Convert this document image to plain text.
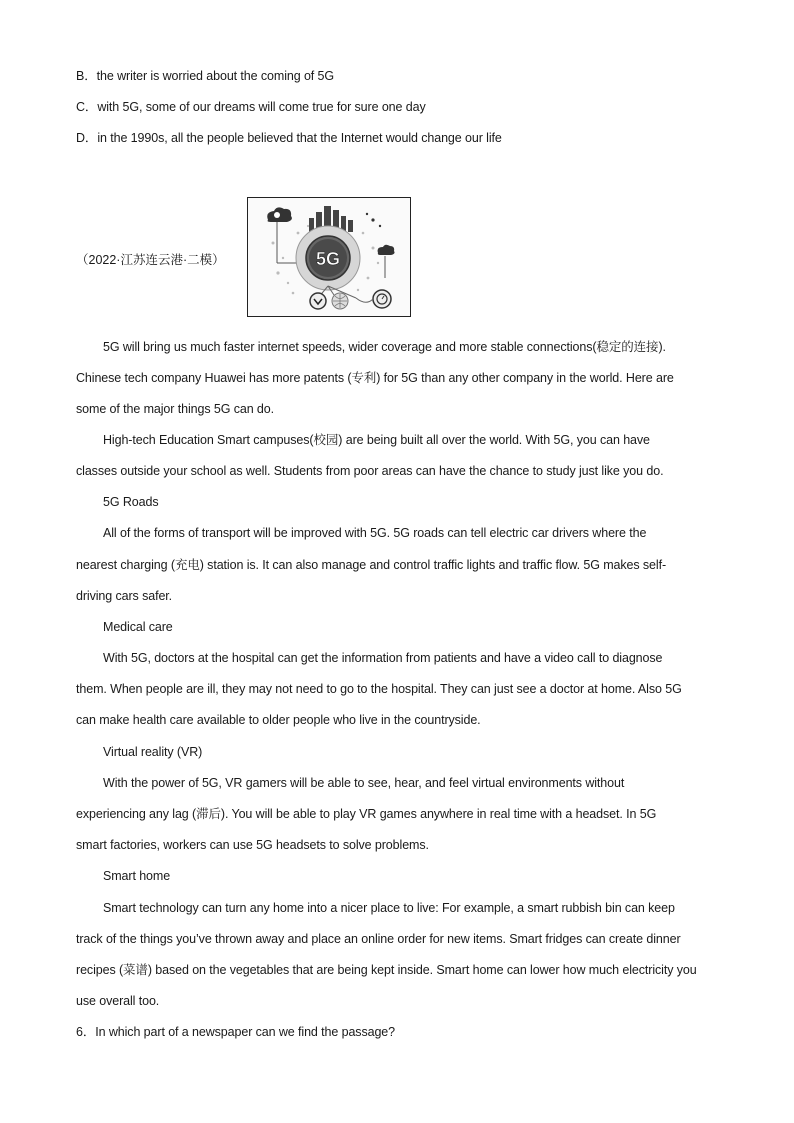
B．the writer is worried about the coming of 5G
C．with 5G, some of our dreams will come true for sure one day
D．in the 1990s, all the people believed that the Internet would change our life
（2022·江苏连云港·二模）	5G
5G will bring us much faster internet speeds, wider coverage and more stable connections(稳定的连接).
Chinese tech company Huawei has more patents (专利) for 5G than any other company in the world. Here are
some of the major things 5G can do.
High-tech Education Smart campuses(校园) are being built all over the world. With 5G, you can have
classes outside your school as well. Students from poor areas can have the chance to study just like you do.
5G Roads
All of the forms of transport will be improved with 5G. 5G roads can tell electric car drivers where the
nearest charging (充电) station is. It can also manage and control traffic lights and traffic flow. 5G makes self-
driving cars safer.
Medical care
With 5G, doctors at the hospital can get the information from patients and have a video call to diagnose
them. When people are ill, they may not need to go to the hospital. They can just see a doctor at home. Also 5G
can make health care available to older people who live in the countryside.
Virtual reality (VR)
With the power of 5G, VR gamers will be able to see, hear, and feel virtual environments without
experiencing any lag (滞后). You will be able to play VR games anywhere in real time with a headset. In 5G
smart factories, workers can use 5G headsets to solve problems.
Smart home
Smart technology can turn any home into a nicer place to live: For example, a smart rubbish bin can keep
track of the things you’ve thrown away and place an online order for new items. Smart fridges can create dinner
recipes (菜谱) based on the vegetables that are being kept inside. Smart home can lower how much electricity you
use overall too.
6．In which part of a newspaper can we find the passage?
